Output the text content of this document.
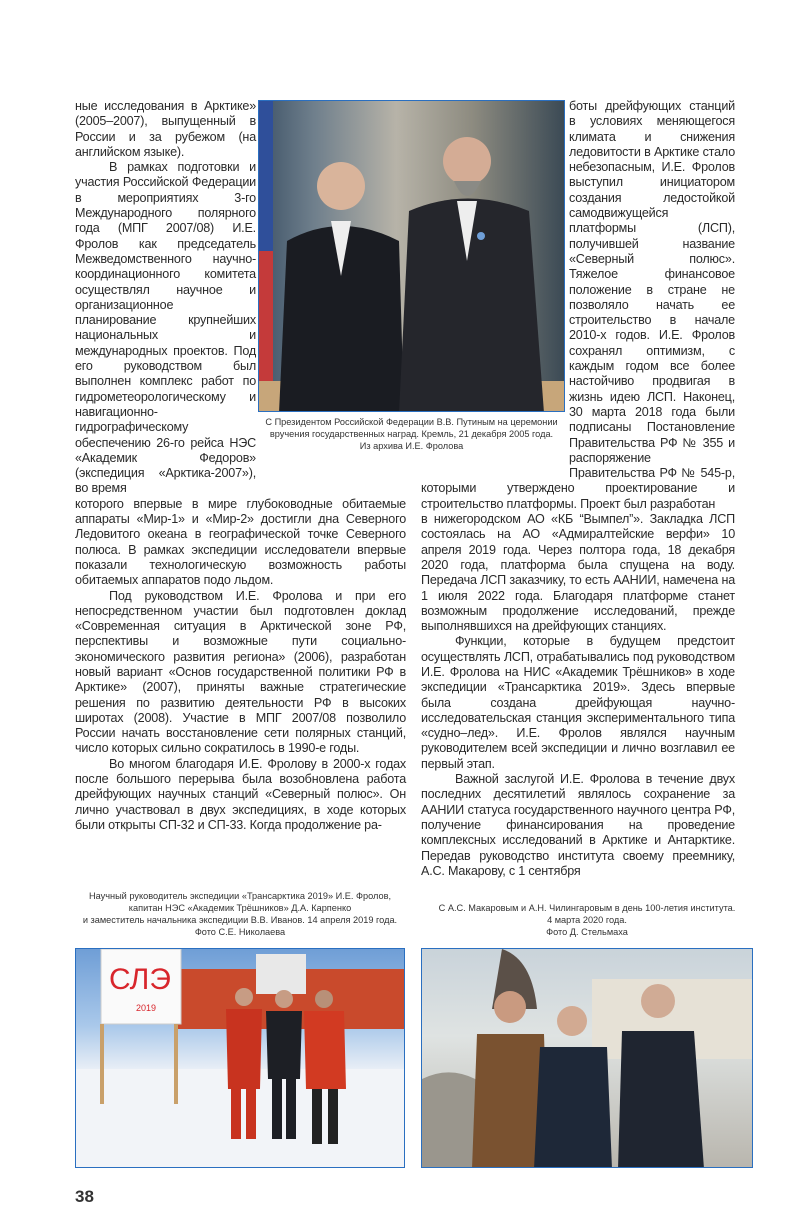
ные исследования в Арктике» (2005–2007), выпущенный в России и за рубежом (на английском языке).

В рамках подготовки и участия Российской Федерации в мероприятиях 3-го Международного полярного года (МПГ 2007/08) И.Е. Фролов как председатель Межведомственного научно-координационного комитета осуществлял научное и организационное планирование крупнейших национальных и международных проектов. Под его руководством был выполнен комплекс работ по гидрометеорологическому и навигационно-гидрографическому обеспечению 26-го рейса НЭС «Академик Федоров» (экспедиция «Арктика-2007»), во время

которого впервые в мире глубоководные обитаемые аппараты «Мир-1» и «Мир-2» достигли дна Северного Ледовитого океана в географической точке Северного полюса. В рамках экспедиции исследователи впервые показали технологическую возможность работы обитаемых аппаратов подо льдом.

Под руководством И.Е. Фролова и при его непосредственном участии был подготовлен доклад «Современная ситуация в Арктической зоне РФ, перспективы и возможные пути социально-экономического развития региона» (2006), разработан новый вариант «Основ государственной политики РФ в Арктике» (2007), приняты важные стратегические решения по развитию деятельности РФ в высоких широтах (2008). Участие в МПГ 2007/08 позволило России начать восстановление сети полярных станций, число которых сильно сократилось в 1990-е годы.

Во многом благодаря И.Е. Фролову в 2000-х годах после большого перерыва была возобновлена работа дрейфующих научных станций «Северный полюс». Он лично участвовал в двух экспедициях, в ходе которых были открыты СП-32 и СП-33. Когда продолжение ра-

боты дрейфующих станций в условиях меняющегося климата и снижения ледовитости в Арктике стало небезопасным, И.Е. Фролов выступил инициатором создания ледостойкой самодвижущейся платформы (ЛСП), получившей название «Северный полюс». Тяжелое финансовое положение в стране не позволяло начать ее строительство в начале 2010-х годов. И.Е. Фролов сохранял оптимизм, с каждым годом все более настойчиво продвигая в жизнь идею ЛСП. Наконец, 30 марта 2018 года были подписаны Постановление Правительства РФ № 355 и распоряжение Правительства РФ № 545-р, которыми утверждено проектирование и строительство платформы. Проект был разработан

в нижегородском АО «КБ “Вымпел”». Закладка ЛСП состоялась на АО «Адмиралтейские верфи» 10 апреля 2019 года. Через полтора года, 18 декабря 2020 года, платформа была спущена на воду. Передача ЛСП заказчику, то есть ААНИИ, намечена на 1 июля 2022 года. Благодаря платформе станет возможным продолжение исследований, прежде выполнявшихся на дрейфующих станциях.

Функции, которые в будущем предстоит осуществлять ЛСП, отрабатывались под руководством И.Е. Фролова на НИС «Академик Трёшников» в ходе экспедиции «Трансарктика 2019». Здесь впервые была создана дрейфующая научно-исследовательская станция экспериментального типа «судно–лед». И.Е. Фролов являлся научным руководителем всей экспедиции и лично возглавил ее первый этап.

Важной заслугой И.Е. Фролова в течение двух последних десятилетий являлось сохранение за ААНИИ статуса государственного научного центра РФ, получение финансирования на проведение комплексных исследований в Арктике и Антарктике. Передав руководство института своему преемнику, А.С. Макарову, с 1 сентября

С Президентом Российской Федерации В.В. Путиным на церемонии
вручения государственных наград. Кремль, 21 декабря 2005 года.
Из архива И.Е. Фролова
Научный руководитель экспедиции «Трансарктика 2019» И.Е. Фролов,
капитан НЭС «Академик Трёшников» Д.А. Карпенко
и заместитель начальника экспедиции В.В. Иванов. 14 апреля 2019 года.
Фото С.Е. Николаева
С А.С. Макаровым и А.Н. Чилингаровым в день 100-летия института.
4 марта 2020 года.
Фото Д. Стельмаха
СЛЭ
2019
38
